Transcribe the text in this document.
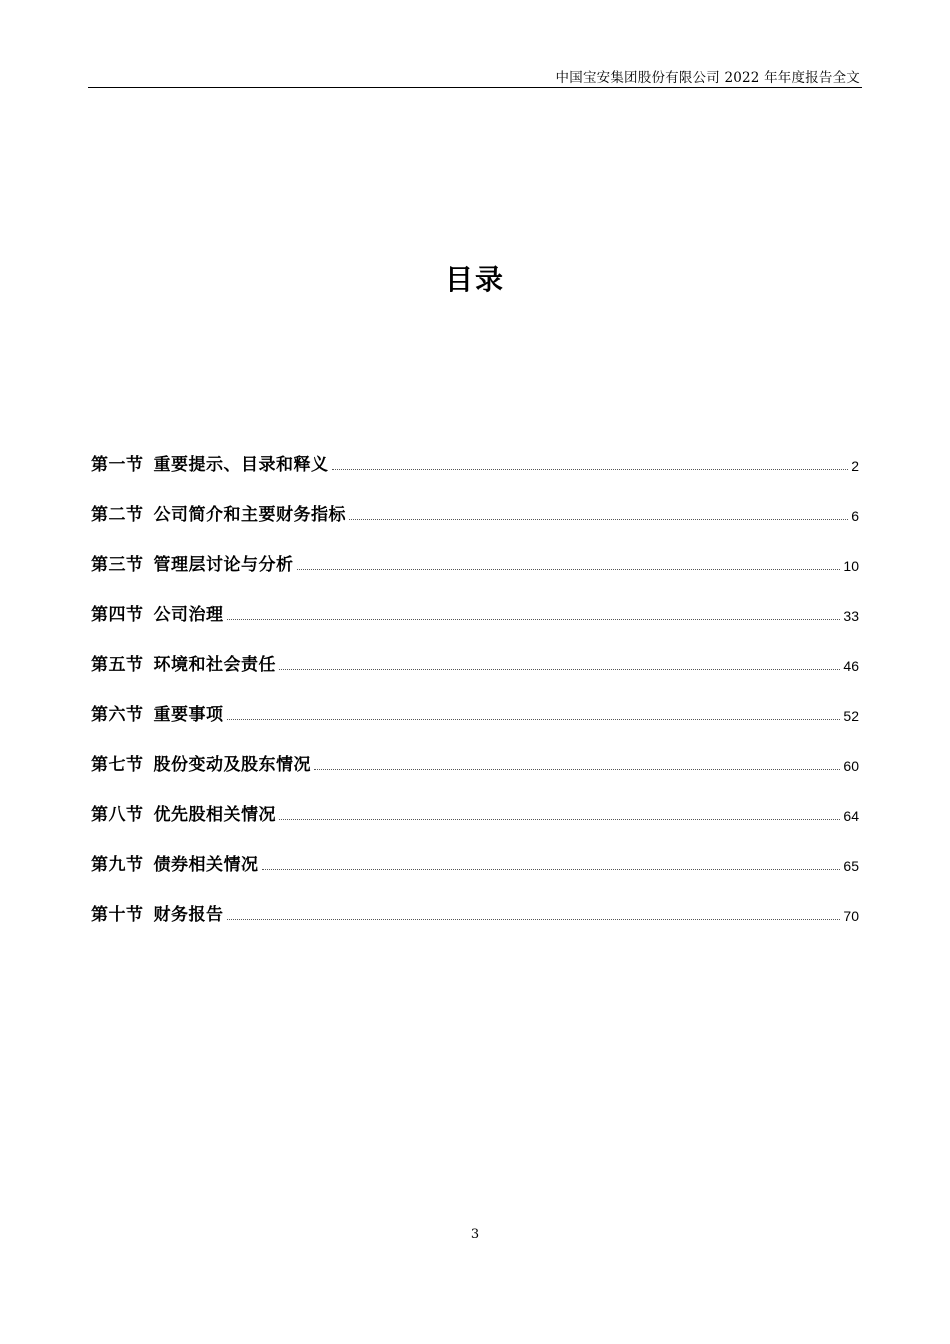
中国宝安集团股份有限公司 2022 年年度报告全文
目录
第一节 重要提示、目录和释义	2
第二节 公司简介和主要财务指标	6
第三节 管理层讨论与分析	10
第四节 公司治理	33
第五节 环境和社会责任	46
第六节 重要事项	52
第七节 股份变动及股东情况	60
第八节 优先股相关情况	64
第九节 债券相关情况	65
第十节 财务报告	70
3
